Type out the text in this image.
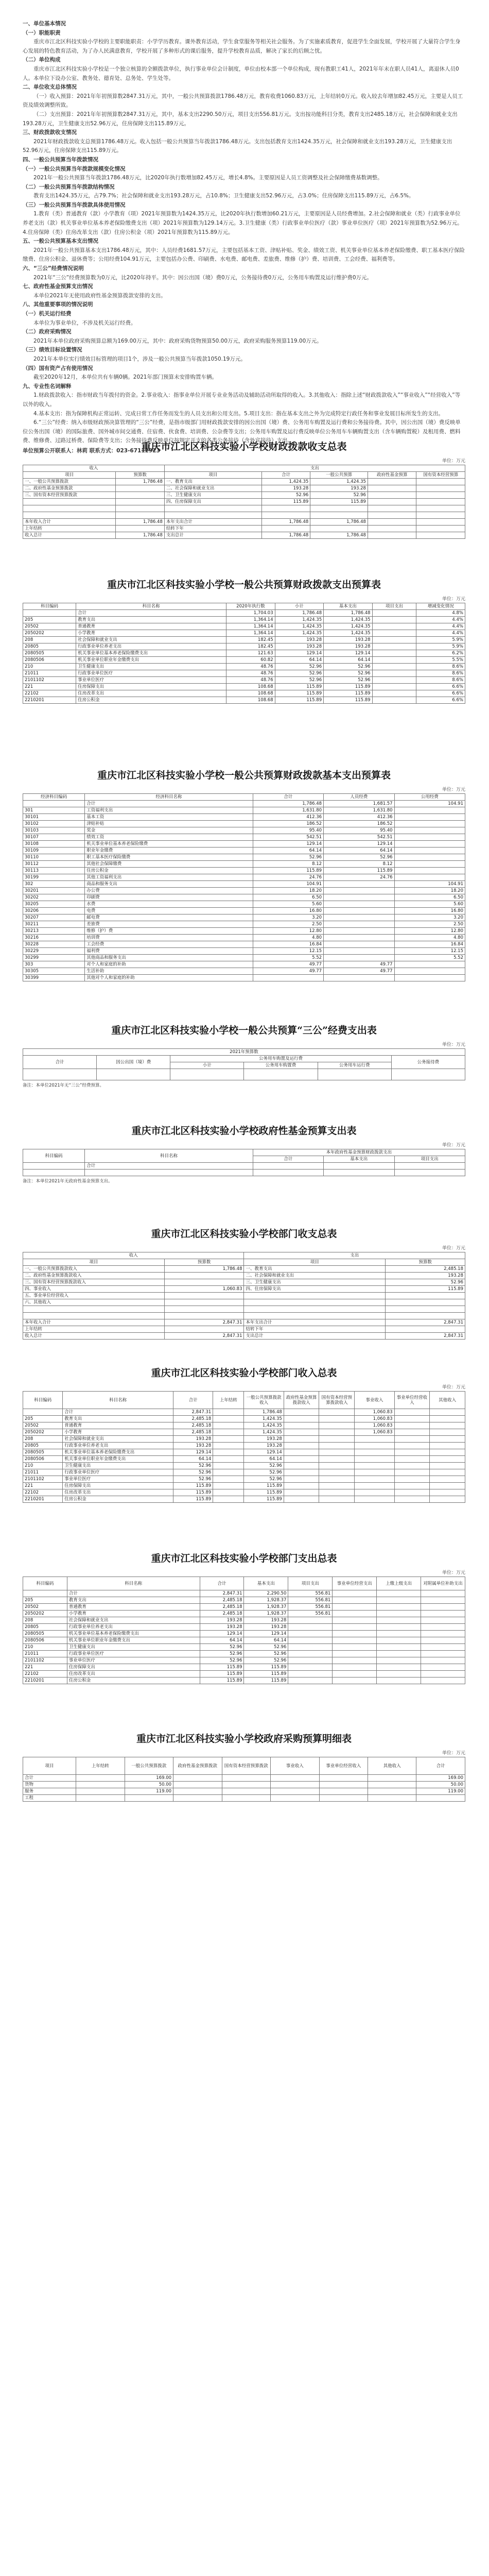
一、单位基本情况
（一）职能职责

重庆市江北区科技实验小学校的主要职能职责：小学学历教育。课外教育活动，学生食堂服务等相关社会服务。为了实施素质教育，促进学生全面发展，学校开展了大量符合学生身心发展的特色教育活动，为了办人民满意教育，学校开展了多种形式的课后服务，提升学校教育品质，解决了家长的后顾之忧。

（二）单位构成

重庆市江北区科技实验小学校是一个独立核算的全额拨款单位，执行事业单位会计制度，单位由校本部一个单位构成，现有教职工41人，2021年年末在职人员41人，离退休人员0人。本单位下设办公室、教务处、德育处、总务处、学生处等。

二、单位收支总体情况

（一）收入预算：2021年年初预算数2847.31万元，其中，一般公共预算拨款1786.48万元，教育收费1060.83万元，上年结转0万元。收入较去年增加82.45万元，主要是人员工资及绩效调整所致。

（二）支出预算：2021年年初预算数2847.31万元，其中，基本支出2290.50万元，项目支出556.81万元。支出按功能科目分类，教育支出2485.18万元，社会保障和就业支出193.28万元，卫生健康支出52.96万元，住房保障支出115.89万元。

三、财政拨款收支情况

2021年财政拨款收支总预算1786.48万元。收入包括一般公共预算当年拨款1786.48万元。支出包括教育支出1424.35万元，社会保障和就业支出193.28万元，卫生健康支出52.96万元，住房保障支出115.89万元。

四、一般公共预算当年拨款情况
（一）一般公共预算当年拨款规模变化情况

2021年一般公共预算当年拨款1786.48万元，比2020年执行数增加82.45万元，增长4.8%。主要原因是人员工资调整及社会保障缴费基数调整。

（二）一般公共预算当年拨款结构情况

教育支出1424.35万元，占79.7%；社会保障和就业支出193.28万元，占10.8%；卫生健康支出52.96万元，占3.0%；住房保障支出115.89万元，占6.5%。

（三）一般公共预算当年拨款具体使用情况

1.教育（类）普通教育（款）小学教育（项）2021年预算数为1424.35万元，比2020年执行数增加60.21万元，主要原因是人员经费增加。2.社会保障和就业（类）行政事业单位养老支出（款）机关事业单位基本养老保险缴费支出（项）2021年预算数为129.14万元。3.卫生健康（类）行政事业单位医疗（款）事业单位医疗（项）2021年预算数为52.96万元。4.住房保障（类）住房改革支出（款）住房公积金（项）2021年预算数为115.89万元。

五、一般公共预算基本支出情况

2021年一般公共预算基本支出1786.48万元，其中：人员经费1681.57万元，主要包括基本工资、津贴补贴、奖金、绩效工资、机关事业单位基本养老保险缴费、职工基本医疗保险缴费、住房公积金、退休费等；公用经费104.91万元，主要包括办公费、印刷费、水电费、邮电费、差旅费、维修（护）费、培训费、工会经费、福利费等。

六、“三公”经费情况说明

2021年“三公”经费预算数为0万元，比2020年持平。其中：因公出国（境）费0万元，公务接待费0万元，公务用车购置及运行维护费0万元。

七、政府性基金预算支出情况

本单位2021年无使用政府性基金预算拨款安排的支出。

八、其他重要事项的情况说明
（一）机关运行经费

本单位为事业单位，不涉及机关运行经费。

（二）政府采购情况

2021年本单位政府采购预算总额为169.00万元，其中：政府采购货物预算50.00万元，政府采购服务预算119.00万元。

（三）绩效目标设置情况

2021年本单位实行绩效目标管理的项目1个，涉及一般公共预算当年拨款1050.19万元。

（四）国有资产占有使用情况

截至2020年12月，本单位共有车辆0辆。2021年部门预算未安排购置车辆。

九、专业性名词解释

1.财政拨款收入：指市财政当年拨付的资金。2.事业收入：指事业单位开展专业业务活动及辅助活动所取得的收入。3.其他收入：指除上述“财政拨款收入”“事业收入”“经营收入”等以外的收入。

4.基本支出：指为保障机构正常运转、完成日常工作任务而发生的人员支出和公用支出。5.项目支出：指在基本支出之外为完成特定行政任务和事业发展目标所发生的支出。

6.“三公”经费：纳入市级财政预决算管理的“三公”经费，是指市级部门用财政拨款安排的因公出国（境）费、公务用车购置及运行费和公务接待费。其中，因公出国（境）费反映单位公务出国（境）的国际旅费、国外城市间交通费、住宿费、伙食费、培训费、公杂费等支出；公务用车购置及运行费反映单位公务用车车辆购置支出（含车辆购置税）及租用费、燃料费、维修费、过路过桥费、保险费等支出；公务接待费反映单位按规定开支的各类公务接待（含外宾接待）支出。

单位预算公开联系人：林莉 联系方式：023-67112923
重庆市江北区科技实验小学校财政拨款收支总表
单位：万元
收入		支出				
项目	预算数	项目	合计	一般公共预算	政府性基金预算	国有资本经营预算
一、一般公共预算拨款	1,786.48	一、教育支出	1,424.35	1,424.35		
二、政府性基金预算拨款		二、社会保障和就业支出	193.28	193.28		
三、国有资本经营预算拨款		三、卫生健康支出	52.96	52.96		
		四、住房保障支出	115.89	115.89		

本年收入合计	1,786.48	本年支出合计	1,786.48	1,786.48		
上年结转		结转下年				
收入总计	1,786.48	支出总计	1,786.48	1,786.48		
重庆市江北区科技实验小学校一般公共预算财政拨款支出预算表
单位：万元
科目编码	科目名称	2020年执行数	小计	基本支出	项目支出	增减变化情况
	合计	1,704.03	1,786.48	1,786.48		4.8%
205	教育支出	1,364.14	1,424.35	1,424.35		4.4%
20502	普通教育	1,364.14	1,424.35	1,424.35		4.4%
2050202	小学教育	1,364.14	1,424.35	1,424.35		4.4%
208	社会保障和就业支出	182.45	193.28	193.28		5.9%
20805	行政事业单位养老支出	182.45	193.28	193.28		5.9%
2080505	机关事业单位基本养老保险缴费支出	121.63	129.14	129.14		6.2%
2080506	机关事业单位职业年金缴费支出	60.82	64.14	64.14		5.5%
210	卫生健康支出	48.76	52.96	52.96		8.6%
21011	行政事业单位医疗	48.76	52.96	52.96		8.6%
2101102	事业单位医疗	48.76	52.96	52.96		8.6%
221	住房保障支出	108.68	115.89	115.89		6.6%
22102	住房改革支出	108.68	115.89	115.89		6.6%
2210201	住房公积金	108.68	115.89	115.89		6.6%
重庆市江北区科技实验小学校一般公共预算财政拨款基本支出预算表
单位：万元
经济科目编码	经济科目名称	合计	人员经费	公用经费
	合计	1,786.48	1,681.57	104.91
301	工资福利支出	1,631.80	1,631.80	
30101	基本工资	412.36	412.36	
30102	津贴补贴	186.52	186.52	
30103	奖金	95.40	95.40	
30107	绩效工资	542.51	542.51	
30108	机关事业单位基本养老保险缴费	129.14	129.14	
30109	职业年金缴费	64.14	64.14	
30110	职工基本医疗保险缴费	52.96	52.96	
30112	其他社会保障缴费	8.12	8.12	
30113	住房公积金	115.89	115.89	
30199	其他工资福利支出	24.76	24.76	
302	商品和服务支出	104.91		104.91
30201	办公费	18.20		18.20
30202	印刷费	6.50		6.50
30205	水费	5.60		5.60
30206	电费	16.80		16.80
30207	邮电费	3.20		3.20
30211	差旅费	2.50		2.50
30213	维修（护）费	12.80		12.80
30216	培训费	4.80		4.80
30228	工会经费	16.84		16.84
30229	福利费	12.15		12.15
30299	其他商品和服务支出	5.52		5.52
303	对个人和家庭的补助	49.77	49.77	
30305	生活补助	49.77	49.77	
30399	其他对个人和家庭的补助			
重庆市江北区科技实验小学校一般公共预算“三公”经费支出表
单位：万元
2021年预算数					
合计	因公出国（境）费	公务用车购置及运行费			公务接待费
		小计	公务用车购置费	公务用车运行费	

备注：本单位2021年无“三公”经费预算。
重庆市江北区科技实验小学校政府性基金预算支出表
单位：万元
科目编码	科目名称	本年政府性基金预算财政拨款支出		
		合计	基本支出	项目支出
	合计			

备注：本单位2021年无政府性基金预算支出。
重庆市江北区科技实验小学校部门收支总表
单位：万元
收入		支出	
项目	预算数	项目	预算数
一、一般公共预算拨款收入	1,786.48	一、教育支出	2,485.18
二、政府性基金预算拨款收入		二、社会保障和就业支出	193.28
三、国有资本经营预算拨款收入		三、卫生健康支出	52.96
四、事业收入	1,060.83	四、住房保障支出	115.89
五、事业单位经营收入			
六、其他收入			

本年收入合计	2,847.31	本年支出合计	2,847.31
上年结转		结转下年	
收入总计	2,847.31	支出总计	2,847.31
重庆市江北区科技实验小学校部门收入总表
单位：万元
科目编码	科目名称	合计	上年结转	一般公共预算拨款收入	政府性基金预算拨款收入	国有资本经营预算拨款收入	事业收入	事业单位经营收入	其他收入
	合计	2,847.31		1,786.48			1,060.83		
205	教育支出	2,485.18		1,424.35			1,060.83		
20502	普通教育	2,485.18		1,424.35			1,060.83		
2050202	小学教育	2,485.18		1,424.35			1,060.83		
208	社会保障和就业支出	193.28		193.28					
20805	行政事业单位养老支出	193.28		193.28					
2080505	机关事业单位基本养老保险缴费支出	129.14		129.14					
2080506	机关事业单位职业年金缴费支出	64.14		64.14					
210	卫生健康支出	52.96		52.96					
21011	行政事业单位医疗	52.96		52.96					
2101102	事业单位医疗	52.96		52.96					
221	住房保障支出	115.89		115.89					
22102	住房改革支出	115.89		115.89					
2210201	住房公积金	115.89		115.89					
重庆市江北区科技实验小学校部门支出总表
单位：万元
科目编码	科目名称	合计	基本支出	项目支出	事业单位经营支出	上缴上级支出	对附属单位补助支出
	合计	2,847.31	2,290.50	556.81			
205	教育支出	2,485.18	1,928.37	556.81			
20502	普通教育	2,485.18	1,928.37	556.81			
2050202	小学教育	2,485.18	1,928.37	556.81			
208	社会保障和就业支出	193.28	193.28				
20805	行政事业单位养老支出	193.28	193.28				
2080505	机关事业单位基本养老保险缴费支出	129.14	129.14				
2080506	机关事业单位职业年金缴费支出	64.14	64.14				
210	卫生健康支出	52.96	52.96				
21011	行政事业单位医疗	52.96	52.96				
2101102	事业单位医疗	52.96	52.96				
221	住房保障支出	115.89	115.89				
22102	住房改革支出	115.89	115.89				
2210201	住房公积金	115.89	115.89				
重庆市江北区科技实验小学校政府采购预算明细表
单位：万元
项目	上年结转	一般公共预算拨款	政府性基金预算拨款	国有资本经营预算拨款	事业收入	事业单位经营收入	其他收入	合计
合计		169.00						169.00
货物		50.00						50.00
服务		119.00						119.00
工程								
